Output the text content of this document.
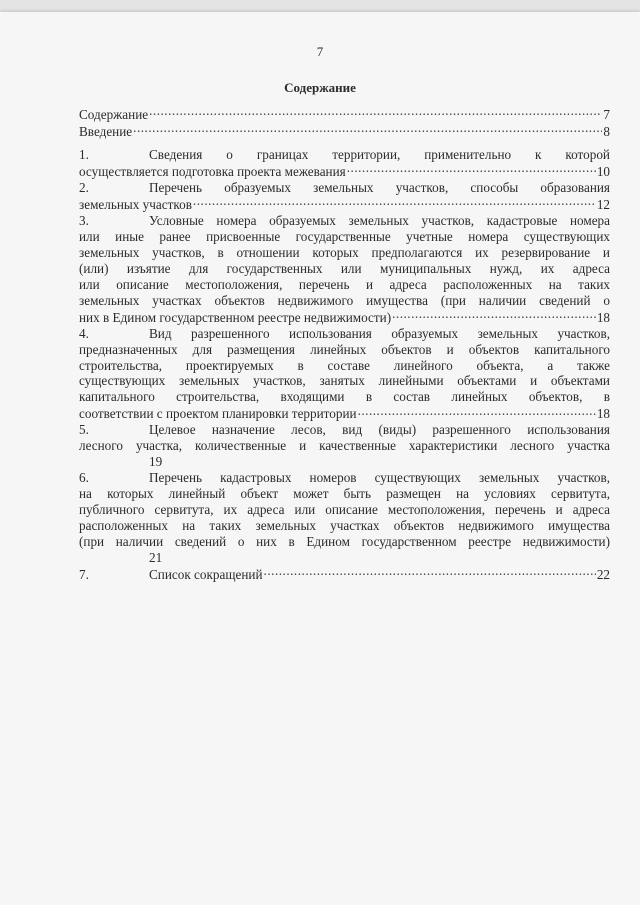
7
Содержание
Содержание .....	7
Введение .....	8
1.	Сведения о границах территории, применительно к которой
осуществляется подготовка проекта межевания .....	10
2.	Перечень образуемых земельных участков, способы образования
земельных участков .....	12
3.	Условные номера образуемых земельных участков, кадастровые номера
или иные ранее присвоенные государственные учетные номера существующих
земельных участков, в отношении которых предполагаются их резервирование и
(или) изъятие для государственных или муниципальных нужд, их адреса
или описание местоположения, перечень и адреса расположенных на таких
земельных участках объектов недвижимого имущества (при наличии сведений о
них в Едином государственном реестре недвижимости) .....	18
4.	Вид разрешенного использования образуемых земельных участков,
предназначенных для размещения линейных объектов и объектов капитального
строительства, проектируемых в составе линейного объекта, а также
существующих земельных участков, занятых линейными объектами и объектами
капитального строительства, входящими в состав линейных объектов, в
соответствии с проектом планировки территории .....	18
5.	Целевое назначение лесов, вид (виды) разрешенного использования
лесного участка, количественные и качественные характеристики лесного участка
19
6.	Перечень кадастровых номеров существующих земельных участков,
на которых линейный объект может быть размещен на условиях сервитута,
публичного сервитута, их адреса или описание местоположения, перечень и адреса
расположенных на таких земельных участках объектов недвижимого имущества
(при наличии сведений о них в Едином государственном реестре недвижимости)
21
7.	Список сокращений .....	22
